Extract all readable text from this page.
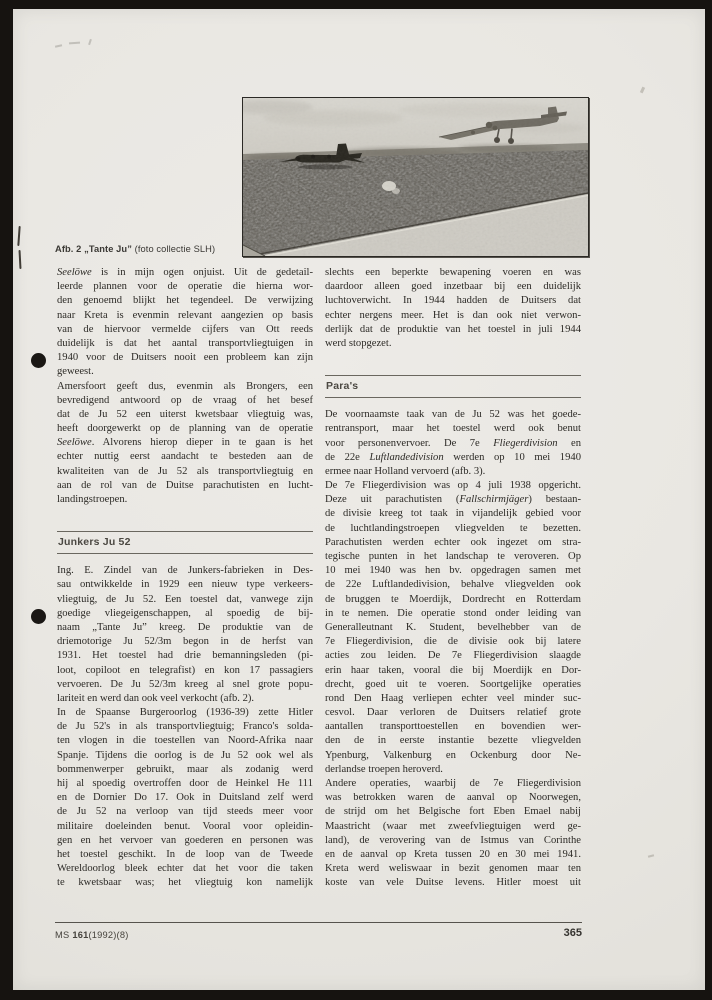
Afb. 2 „Tante Ju” (foto collectie SLH)
Seelöwe is in mijn ogen onjuist. Uit de gedetail-
leerde plannen voor de operatie die hierna wor-
den genoemd blijkt het tegendeel. De verwijzing
naar Kreta is evenmin relevant aangezien op basis
van de hiervoor vermelde cijfers van Ott reeds
duidelijk is dat het aantal transportvliegtuigen in
1940 voor de Duitsers nooit een probleem kan zijn
geweest.
Amersfoort geeft dus, evenmin als Brongers, een
bevredigend antwoord op de vraag of het besef
dat de Ju 52 een uiterst kwetsbaar vliegtuig was,
heeft doorgewerkt op de planning van de operatie
Seelöwe. Alvorens hierop dieper in te gaan is het
echter nuttig eerst aandacht te besteden aan de
kwaliteiten van de Ju 52 als transportvliegtuig en
aan de rol van de Duitse parachutisten en lucht-
landingstroepen.
Junkers Ju 52
Ing. E. Zindel van de Junkers-fabrieken in Des-
sau ontwikkelde in 1929 een nieuw type verkeers-
vliegtuig, de Ju 52. Een toestel dat, vanwege zijn
goedige vliegeigenschappen, al spoedig de bij-
naam „Tante Ju” kreeg. De produktie van de
driemotorige Ju 52/3m begon in de herfst van
1931. Het toestel had drie bemanningsleden (pi-
loot, copiloot en telegrafist) en kon 17 passagiers
vervoeren. De Ju 52/3m kreeg al snel grote popu-
lariteit en werd dan ook veel verkocht (afb. 2).
In de Spaanse Burgeroorlog (1936-39) zette Hitler
de Ju 52's in als transportvliegtuig; Franco's solda-
ten vlogen in die toestellen van Noord-Afrika naar
Spanje. Tijdens die oorlog is de Ju 52 ook wel als
bommenwerper gebruikt, maar als zodanig werd
hij al spoedig overtroffen door de Heinkel He 111
en de Dornier Do 17. Ook in Duitsland zelf werd
de Ju 52 na verloop van tijd steeds meer voor
militaire doeleinden benut. Vooral voor opleidin-
gen en het vervoer van goederen en personen was
het toestel geschikt. In de loop van de Tweede
Wereldoorlog bleek echter dat het voor die taken
te kwetsbaar was; het vliegtuig kon namelijk
slechts een beperkte bewapening voeren en was
daardoor alleen goed inzetbaar bij een duidelijk
luchtoverwicht. In 1944 hadden de Duitsers dat
echter nergens meer. Het is dan ook niet verwon-
derlijk dat de produktie van het toestel in juli 1944
werd stopgezet.
Para's
De voornaamste taak van de Ju 52 was het goede-
rentransport, maar het toestel werd ook benut
voor personenvervoer. De 7e Fliegerdivision en
de 22e Luftlandedivision werden op 10 mei 1940
ermee naar Holland vervoerd (afb. 3).
De 7e Fliegerdivision was op 4 juli 1938 opgericht.
Deze uit parachutisten (Fallschirmjäger) bestaan-
de divisie kreeg tot taak in vijandelijk gebied voor
de luchtlandingstroepen vliegvelden te bezetten.
Parachutisten werden echter ook ingezet om stra-
tegische punten in het landschap te veroveren. Op
10 mei 1940 was hen bv. opgedragen samen met
de 22e Luftlandedivision, behalve vliegvelden ook
de bruggen te Moerdijk, Dordrecht en Rotterdam
in te nemen. Die operatie stond onder leiding van
Generalleutnant K. Student, bevelhebber van de
7e Fliegerdivision, die de divisie ook bij latere
acties zou leiden. De 7e Fliegerdivision slaagde
erin haar taken, vooral die bij Moerdijk en Dor-
drecht, goed uit te voeren. Soortgelijke operaties
rond Den Haag verliepen echter veel minder suc-
cesvol. Daar verloren de Duitsers relatief grote
aantallen transporttoestellen en bovendien wer-
den de in eerste instantie bezette vliegvelden
Ypenburg, Valkenburg en Ockenburg door Ne-
derlandse troepen heroverd.
Andere operaties, waarbij de 7e Fliegerdivision
was betrokken waren de aanval op Noorwegen,
de strijd om het Belgische fort Eben Emael nabij
Maastricht (waar met zweefvliegtuigen werd ge-
land), de verovering van de Istmus van Corinthe
en de aanval op Kreta tussen 20 en 30 mei 1941.
Kreta werd weliswaar in bezit genomen maar ten
koste van vele Duitse levens. Hitler moest uit
MS 161(1992)(8)	365
